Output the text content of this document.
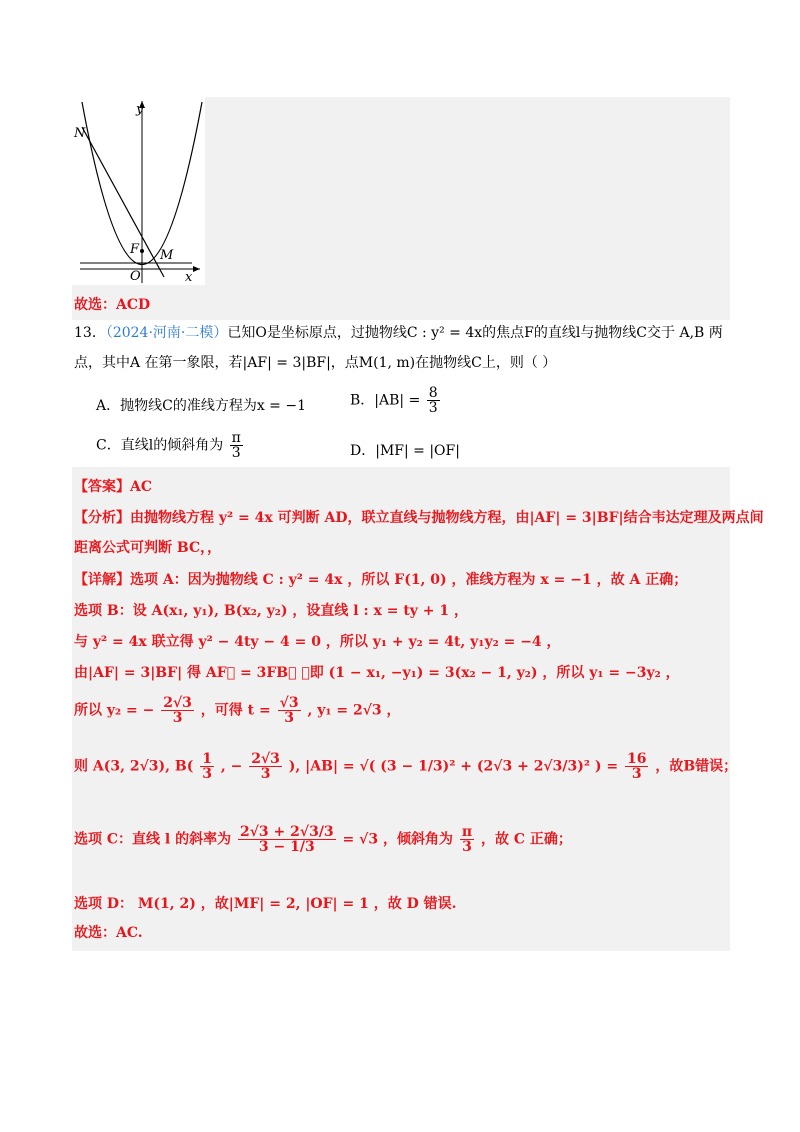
y
x
N
F
O
M
故选：ACD
13．（2024·河南·二模）已知O是坐标原点，过抛物线C : y² = 4x的焦点F的直线l与抛物线C交于 A,B 两
点，其中A 在第一象限，若|AF| = 3|BF|，点M(1, m)在抛物线C上，则（ ）
A．抛物线C的准线方程为x = −1	B．$|AB| = \frac{8}{3}$
C．直线l的倾斜角为 $\frac{\pi}{3}$	D．|MF| = |OF|
【答案】AC
【分析】由抛物线方程 y² = 4x 可判断 AD，联立直线与抛物线方程，由|AF| = 3|BF|结合韦达定理及两点间
距离公式可判断 BC，，
【详解】选项 A：因为抛物线 C : y² = 4x ，所以 F(1, 0) ，准线方程为 x = −1 ，故 A 正确；
选项 B：设 A(x₁, y₁), B(x₂, y₂) ，设直线 l : x = ty + 1 ，
与 y² = 4x 联立得 y² − 4ty − 4 = 0 ，所以 y₁ + y₂ = 4t, y₁y₂ = −4 ，
由|AF| = 3|BF| 得 AF⃗ = 3FB⃗ ，即 (1 − x₁, −y₁) = 3(x₂ − 1, y₂) ，所以 y₁ = −3y₂ ，
所以 y₂ = − $\frac{2√3}{3}$ ，可得 $t = \frac{√3}{3}$ , y₁ = 2√3 ，
则 A(3, 2√3), $B( \frac{1}{3}$ , − $\frac{2√3}{3}$ ), |AB| = √( (3 − 1/3)² + (2√3 + 2√3/3)² ) = $\frac{16}{3}$ ，故B错误；
选项 C：直线 l 的斜率为 $\frac{2√3 + 2√3/3}{3 - 1/3} = √3$ ，倾斜角为 $\frac{\pi}{3}$ ，故 C 正确；
选项 D： M(1, 2) ，故|MF| = 2, |OF| = 1 ，故 D 错误.
故选：AC.
